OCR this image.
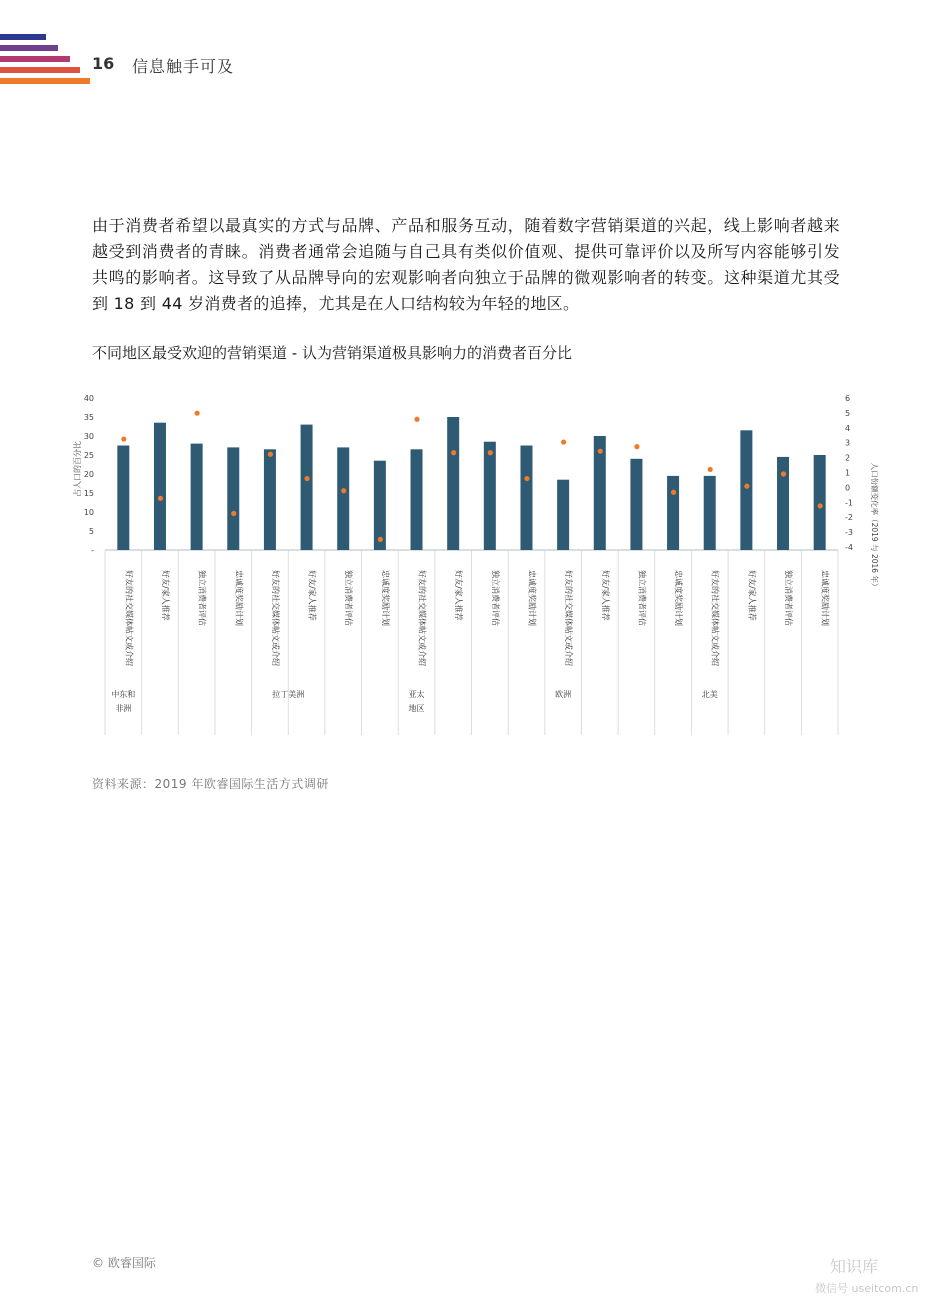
16 信息触手可及

由于消费者希望以最真实的方式与品牌、产品和服务互动，随着数字营销渠道的兴起，线上影响者越来越受到消费者的青睐。消费者通常会追随与自己具有类似价值观、提供可靠评价以及所写内容能够引发共鸣的影响者。这导致了从品牌导向的宏观影响者向独立于品牌的微观影响者的转变。这种渠道尤其受到 18 到 44 岁消费者的追捧，尤其是在人口结构较为年轻的地区。

不同地区最受欢迎的营销渠道 - 认为营销渠道极具影响力的消费者百分比
40
35
30
25
20
15
10
5
-
6
5
4
3
2
1
0
-1
-2
-3
-4
占人口的百分比	人口份额变化率（2019 与 2016 年）
好友的社交媒体帖文或介绍	好友/家人推荐	独立消费者评估	忠诚度奖励计划	好友的社交媒体帖文或介绍	好友/家人推荐	独立消费者评估	忠诚度奖励计划	好友的社交媒体帖文或介绍	好友/家人推荐	独立消费者评估	忠诚度奖励计划	好友的社交媒体帖文或介绍	好友/家人推荐	独立消费者评估	忠诚度奖励计划	好友的社交媒体帖文或介绍	好友/家人推荐	独立消费者评估	忠诚度奖励计划
中东和
非洲
拉丁美洲	亚太
地区
欧洲	北美
资料来源：2019 年欧睿国际生活方式调研
© 欧睿国际	知识库
微信号 useitcom.cn
